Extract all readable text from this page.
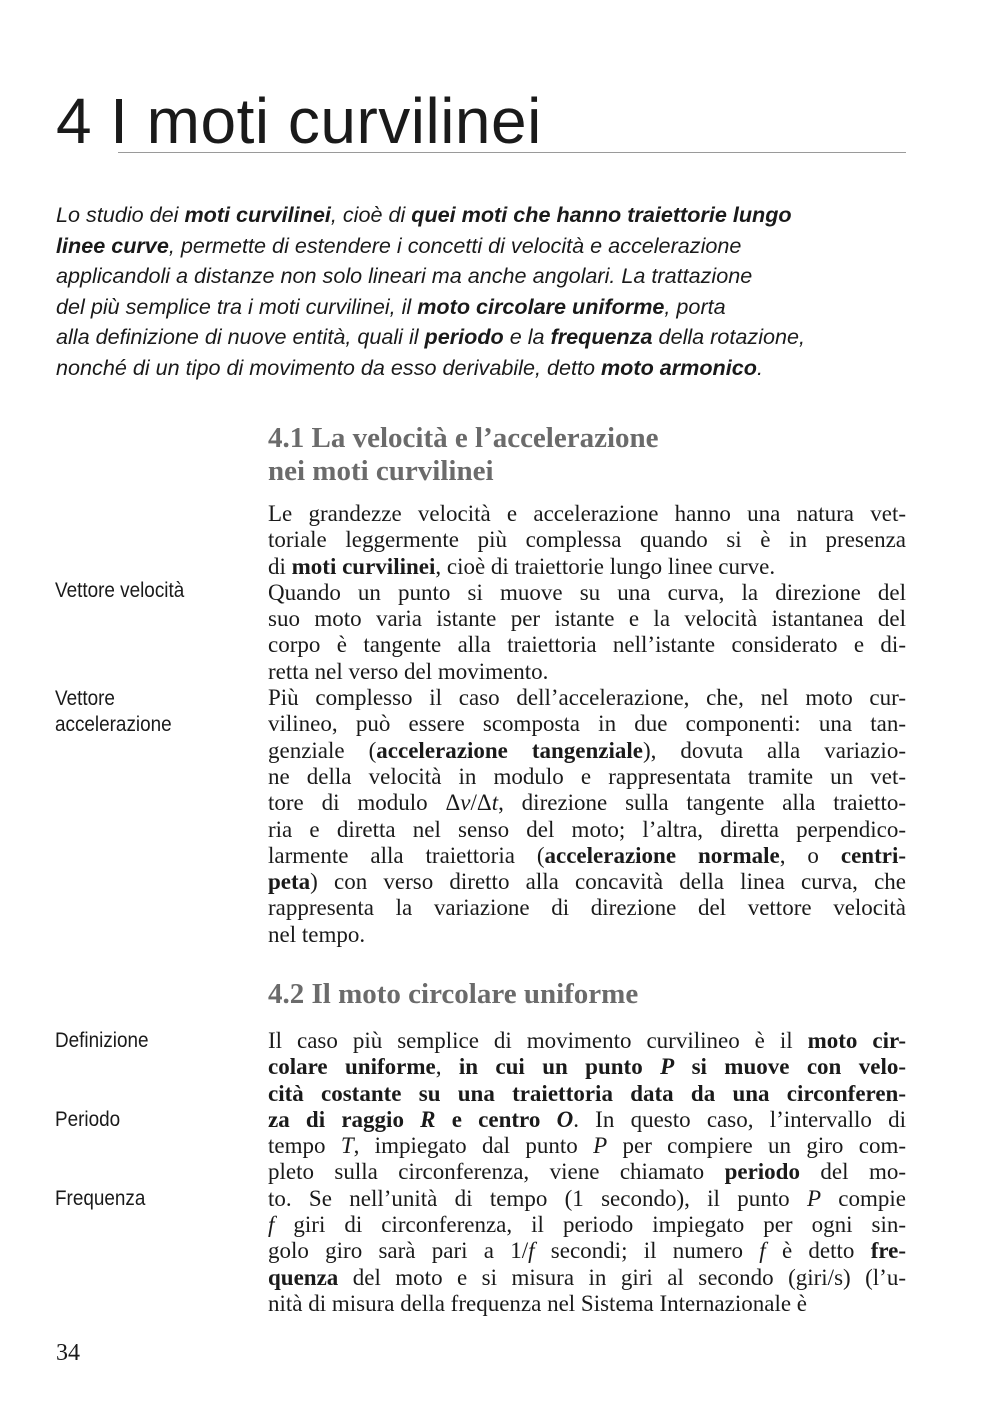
4 I moti curvilinei
Lo studio dei moti curvilinei, cioè di quei moti che hanno traiettorie lungo
linee curve, permette di estendere i concetti di velocità e accelerazione
applicandoli a distanze non solo lineari ma anche angolari. La trattazione
del più semplice tra i moti curvilinei, il moto circolare uniforme, porta
alla definizione di nuove entità, quali il periodo e la frequenza della rotazione,
nonché di un tipo di movimento da esso derivabile, detto moto armonico.
4.1 La velocità e l’accelerazione
nei moti curvilinei
Le grandezze velocità e accelerazione hanno una natura vet-
toriale leggermente più complessa quando si è in presenza
di moti curvilinei, cioè di traiettorie lungo linee curve.
Quando un punto si muove su una curva, la direzione del
suo moto varia istante per istante e la velocità istantanea del
corpo è tangente alla traiettoria nell’istante considerato e di-
retta nel verso del movimento.
Più complesso il caso dell’accelerazione, che, nel moto cur-
vilineo, può essere scomposta in due componenti: una tan-
genziale (accelerazione tangenziale), dovuta alla variazio-
ne della velocità in modulo e rappresentata tramite un vet-
tore di modulo Δv/Δt, direzione sulla tangente alla traietto-
ria e diretta nel senso del moto; l’altra, diretta perpendico-
larmente alla traiettoria (accelerazione normale, o centri-
peta) con verso diretto alla concavità della linea curva, che
rappresenta la variazione di direzione del vettore velocità
nel tempo.
4.2 Il moto circolare uniforme
Il caso più semplice di movimento curvilineo è il moto cir-
colare uniforme, in cui un punto P si muove con velo-
cità costante su una traiettoria data da una circonferen-
za di raggio R e centro O. In questo caso, l’intervallo di
tempo T, impiegato dal punto P per compiere un giro com-
pleto sulla circonferenza, viene chiamato periodo del mo-
to. Se nell’unità di tempo (1 secondo), il punto P compie
f giri di circonferenza, il periodo impiegato per ogni sin-
golo giro sarà pari a 1/f secondi; il numero f è detto fre-
quenza del moto e si misura in giri al secondo (giri/s) (l’u-
nità di misura della frequenza nel Sistema Internazionale è
Vettore velocità
Vettore
accelerazione
Definizione
Periodo
Frequenza
34
